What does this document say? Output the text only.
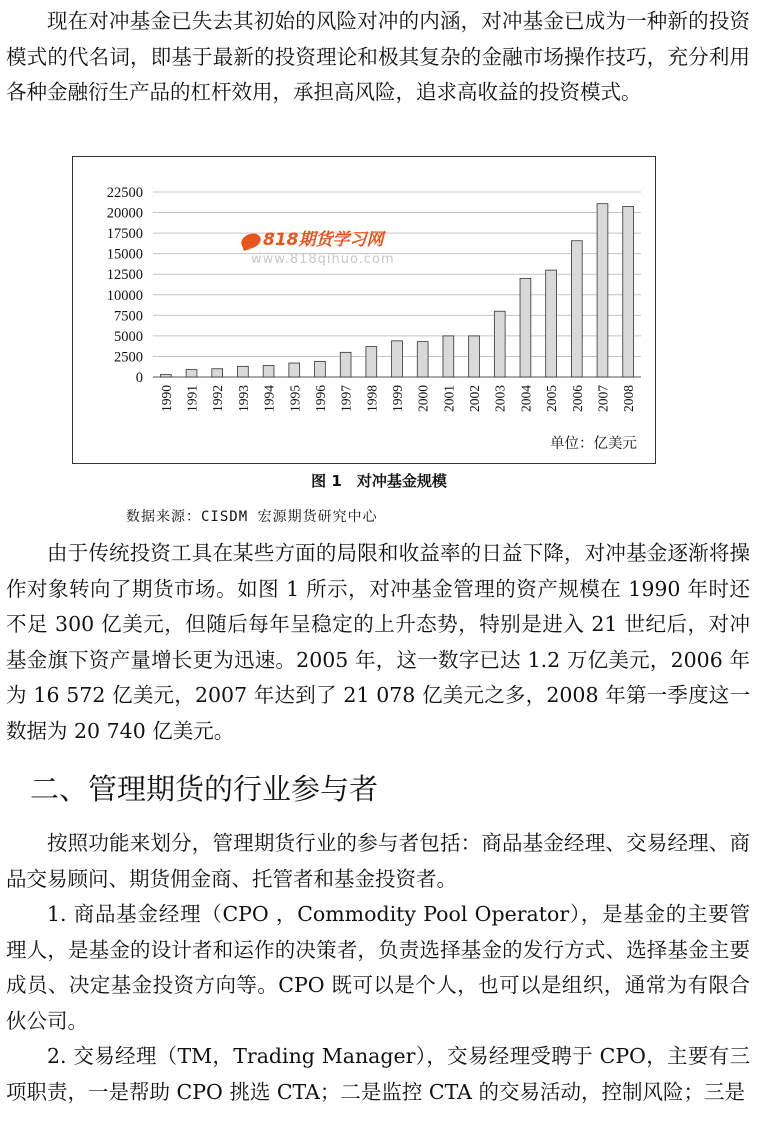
现在对冲基金已失去其初始的风险对冲的内涵，对冲基金已成为一种新的投资模式的代名词，即基于最新的投资理论和极其复杂的金融市场操作技巧，充分利用各种金融衍生产品的杠杆效用，承担高风险，追求高收益的投资模式。

0
2500
5000
7500
10000
12500
15000
17500
20000
22500
1990 1991 1992 1993 1994 1995 1996 1997 1998 1999 2000 2001 2002 2003 2004 2005 2006 2007 2008
818期货学习网
www.818qihuo.com
单位：亿美元
图 1　对冲基金规模
数据来源：CISDM 宏源期货研究中心

由于传统投资工具在某些方面的局限和收益率的日益下降，对冲基金逐渐将操作对象转向了期货市场。如图 1 所示，对冲基金管理的资产规模在 1990 年时还不足 300 亿美元，但随后每年呈稳定的上升态势，特别是进入 21 世纪后，对冲基金旗下资产量增长更为迅速。2005 年，这一数字已达 1.2 万亿美元，2006 年为 16 572 亿美元，2007 年达到了 21 078 亿美元之多，2008 年第一季度这一数据为 20 740 亿美元。

二、管理期货的行业参与者

按照功能来划分，管理期货行业的参与者包括：商品基金经理、交易经理、商品交易顾问、期货佣金商、托管者和基金投资者。

1. 商品基金经理（CPO ，Commodity Pool Operator），是基金的主要管理人，是基金的设计者和运作的决策者，负责选择基金的发行方式、选择基金主要成员、决定基金投资方向等。CPO 既可以是个人，也可以是组织，通常为有限合伙公司。

2. 交易经理（TM，Trading Manager），交易经理受聘于 CPO，主要有三项职责，一是帮助 CPO 挑选 CTA；二是监控 CTA 的交易活动，控制风险；三是
